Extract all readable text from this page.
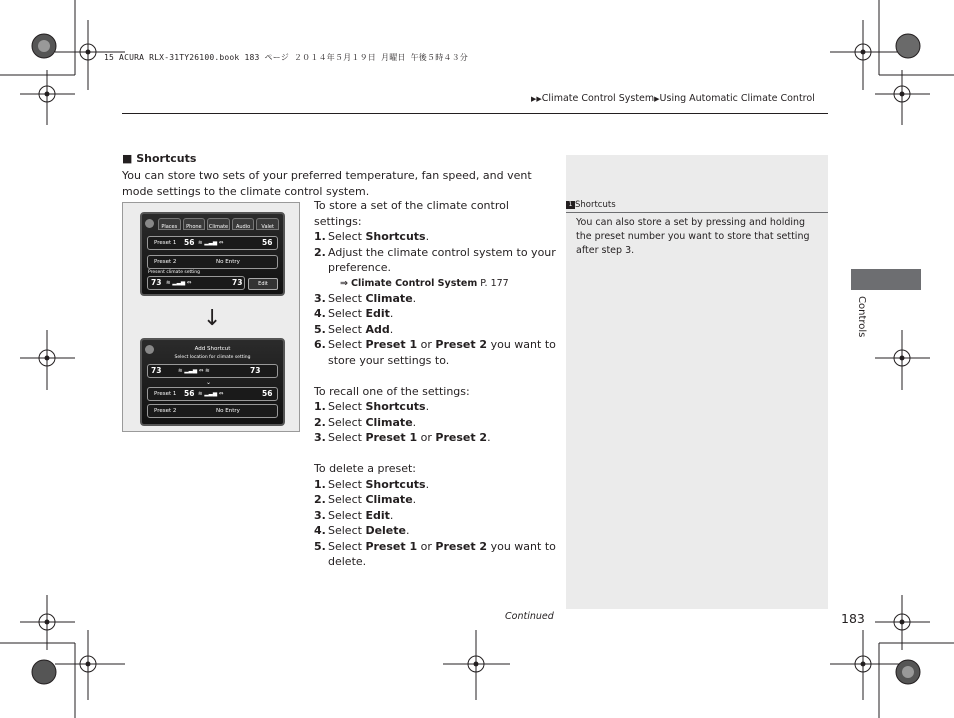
15 ACURA RLX-31TY26100.book 183 ページ ２０１４年５月１９日 月曜日 午後５時４３分
▶▶Climate Control System▶Using Automatic Climate Control
1 Shortcuts
You can also store a set by pressing and holding the preset number you want to store that setting after step 3.
Controls
■ Shortcuts
You can store two sets of your preferred temperature, fan speed, and vent mode settings to the climate control system.
Places	Phone	Climate	Audio	Valet
Preset 1 56 ≋ ▂▃▅ ⇔	56
Preset 2	No Entry
Present climate setting
73 ≋ ▂▃▅ ⇔	73	Edit
↓
Add Shortcut
Select location for climate setting
73	≋ ▂▃▅ ⇔ ≋	73
⌄
Preset 1 56 ≋ ▂▃▅ ⇔	56
Preset 2	No Entry

To store a set of the climate control settings:

1. Select Shortcuts.
2. Adjust the climate control system to your preference.
⇒ Climate Control System P. 177
3. Select Climate.
4. Select Edit.
5. Select Add.
6. Select Preset 1 or Preset 2 you want to store your settings to.

To recall one of the settings:

1. Select Shortcuts.
2. Select Climate.
3. Select Preset 1 or Preset 2.

To delete a preset:

1. Select Shortcuts.
2. Select Climate.
3. Select Edit.
4. Select Delete.
5. Select Preset 1 or Preset 2 you want to delete.
Continued	183
